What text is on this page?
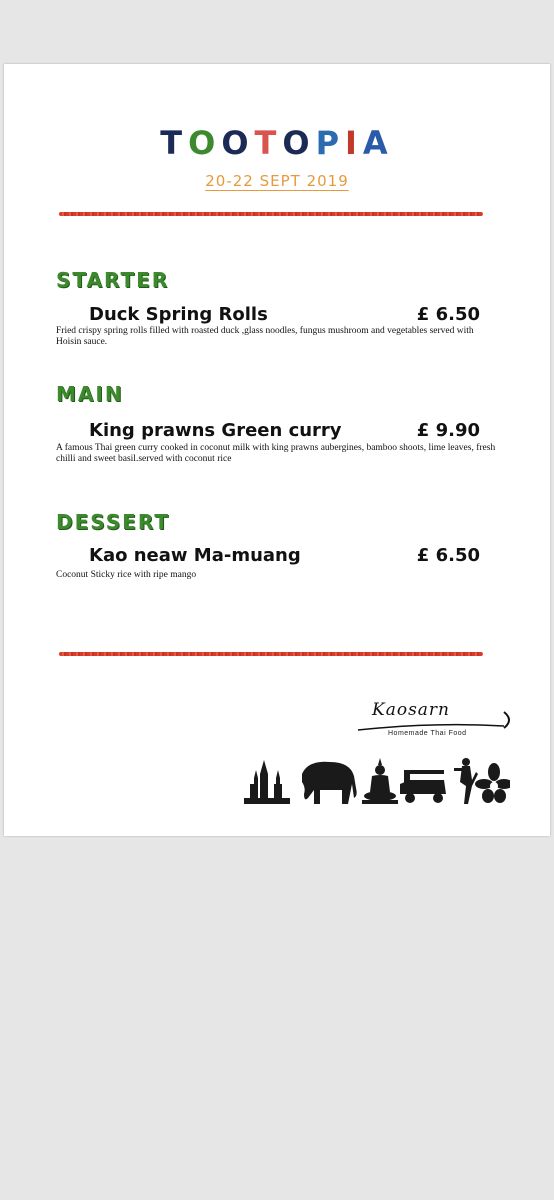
TOOTOPIA
20-22 SEPT 2019
STARTER
Duck Spring Rolls	£ 6.50
Fried crispy spring rolls filled with roasted duck ,glass noodles, fungus mushroom and vegetables served with Hoisin sauce.
MAIN
King prawns Green curry	£ 9.90
A famous Thai green curry cooked in coconut milk with king prawns aubergines, bamboo shoots, lime leaves, fresh chilli and sweet basil.served with coconut rice
DESSERT
Kao neaw Ma-muang	£ 6.50
Coconut Sticky rice with ripe mango
Kaosarn
Homemade Thai Food
